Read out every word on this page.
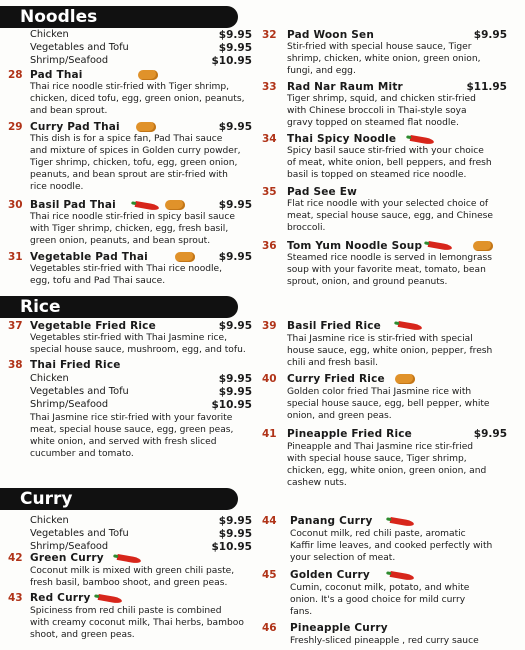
Noodles
Chicken	$9.95
Vegetables and Tofu	$9.95
Shrimp/Seafood	$10.95
28 Pad Thai
Thai rice noodle stir-fried with Tiger shrimp,
chicken, diced tofu, egg, green onion, peanuts,
and bean sprout.
29 Curry Pad Thai	$9.95
This dish is for a spice fan, Pad Thai sauce
and mixture of spices in Golden curry powder,
Tiger shrimp, chicken, tofu, egg, green onion,
peanuts, and bean sprout are stir-fried with
rice noodle.
30 Basil Pad Thai	$9.95
Thai rice noodle stir-fried in spicy basil sauce
with Tiger shrimp, chicken, egg, fresh basil,
green onion, peanuts, and bean sprout.
31 Vegetable Pad Thai	$9.95
Vegetables stir-fried with Thai rice noodle,
egg, tofu and Pad Thai sauce.
32 Pad Woon Sen	$9.95
Stir-fried with special house sauce, Tiger
shrimp, chicken, white onion, green onion,
fungi, and egg.
33 Rad Nar Raum Mitr	$11.95
Tiger shrimp, squid, and chicken stir-fried
with Chinese broccoli in Thai-style soya
gravy topped on steamed flat noodle.
34 Thai Spicy Noodle
Spicy basil sauce stir-fried with your choice
of meat, white onion, bell peppers, and fresh
basil is topped on steamed rice noodle.
35 Pad See Ew
Flat rice noodle with your selected choice of
meat, special house sauce, egg, and Chinese
broccoli.
36 Tom Yum Noodle Soup
Steamed rice noodle is served in lemongrass
soup with your favorite meat, tomato, bean
sprout, onion, and ground peanuts.
Rice
37 Vegetable Fried Rice	$9.95
Vegetables stir-fried with Thai Jasmine rice,
special house sauce, mushroom, egg, and tofu.
38 Thai Fried Rice
Chicken	$9.95
Vegetables and Tofu	$9.95
Shrimp/Seafood	$10.95
Thai Jasmine rice stir-fried with your favorite
meat, special house sauce, egg, green peas,
white onion, and served with fresh sliced
cucumber and tomato.
39 Basil Fried Rice
Thai Jasmine rice is stir-fried with special
house sauce, egg, white onion, pepper, fresh
chili and fresh basil.
40 Curry Fried Rice
Golden color fried Thai Jasmine rice with
special house sauce, egg, bell pepper, white
onion, and green peas.
41 Pineapple Fried Rice	$9.95
Pineapple and Thai Jasmine rice stir-fried
with special house sauce, Tiger shrimp,
chicken, egg, white onion, green onion, and
cashew nuts.
Curry
Chicken	$9.95
Vegetables and Tofu	$9.95
Shrimp/Seafood	$10.95
42 Green Curry
Coconut milk is mixed with green chili paste,
fresh basil, bamboo shoot, and green peas.
43 Red Curry
Spiciness from red chili paste is combined
with creamy coconut milk, Thai herbs, bamboo
shoot, and green peas.
44 Panang Curry
Coconut milk, red chili paste, aromatic
Kaffir lime leaves, and cooked perfectly with
your selection of meat.
45 Golden Curry
Cumin, coconut milk, potato, and white
onion. It's a good choice for mild curry
fans.
46 Pineapple Curry
Freshly-sliced pineapple , red curry sauce
